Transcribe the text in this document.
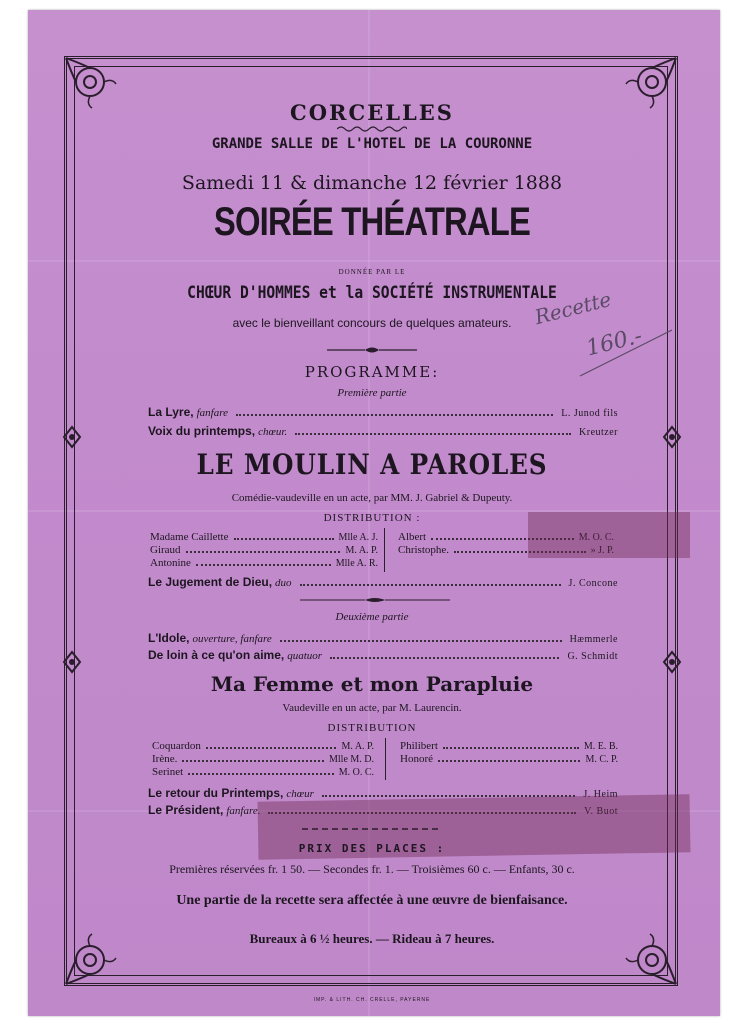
CORCELLES
GRANDE SALLE DE L'HOTEL DE LA COURONNE
Samedi 11 & dimanche 12 février 1888
SOIRÉE THÉATRALE
DONNÉE PAR LE
CHŒUR D'HOMMES et la SOCIÉTÉ INSTRUMENTALE
avec le bienveillant concours de quelques amateurs.	Recette
160.-
PROGRAMME:
Première partie
La Lyre, fanfare	L. Junod fils
Voix du printemps, chœur.	Kreutzer
LE MOULIN A PAROLES
Comédie-vaudeville en un acte, par MM. J. Gabriel & Dupeuty.
DISTRIBUTION :
Madame Caillette	Mlle A. J.
Giraud	M. A. P.
Antonine	Mlle A. R.
Albert	M. O. C.
Christophe.	» J. P.
Le Jugement de Dieu, duo	J. Concone
Deuxième partie
L'Idole, ouverture, fanfare	Hæmmerle
De loin à ce qu'on aime, quatuor	G. Schmidt
Ma Femme et mon Parapluie
Vaudeville en un acte, par M. Laurencin.
DISTRIBUTION
Coquardon	M. A. P.
Irène.	Mlle M. D.
Serinet	M. O. C.
Philibert	M. E. B.
Honoré	M. C. P.
Le retour du Printemps, chœur	J. Heim
Le Président, fanfare.	V. Buot
PRIX DES PLACES :
Premières réservées fr. 1 50. — Secondes fr. 1. — Troisièmes 60 c. — Enfants, 30 c.
Une partie de la recette sera affectée à une œuvre de bienfaisance.
Bureaux à 6 ½ heures. — Rideau à 7 heures.
IMP. & LITH. CH. CRELLE, PAYERNE
